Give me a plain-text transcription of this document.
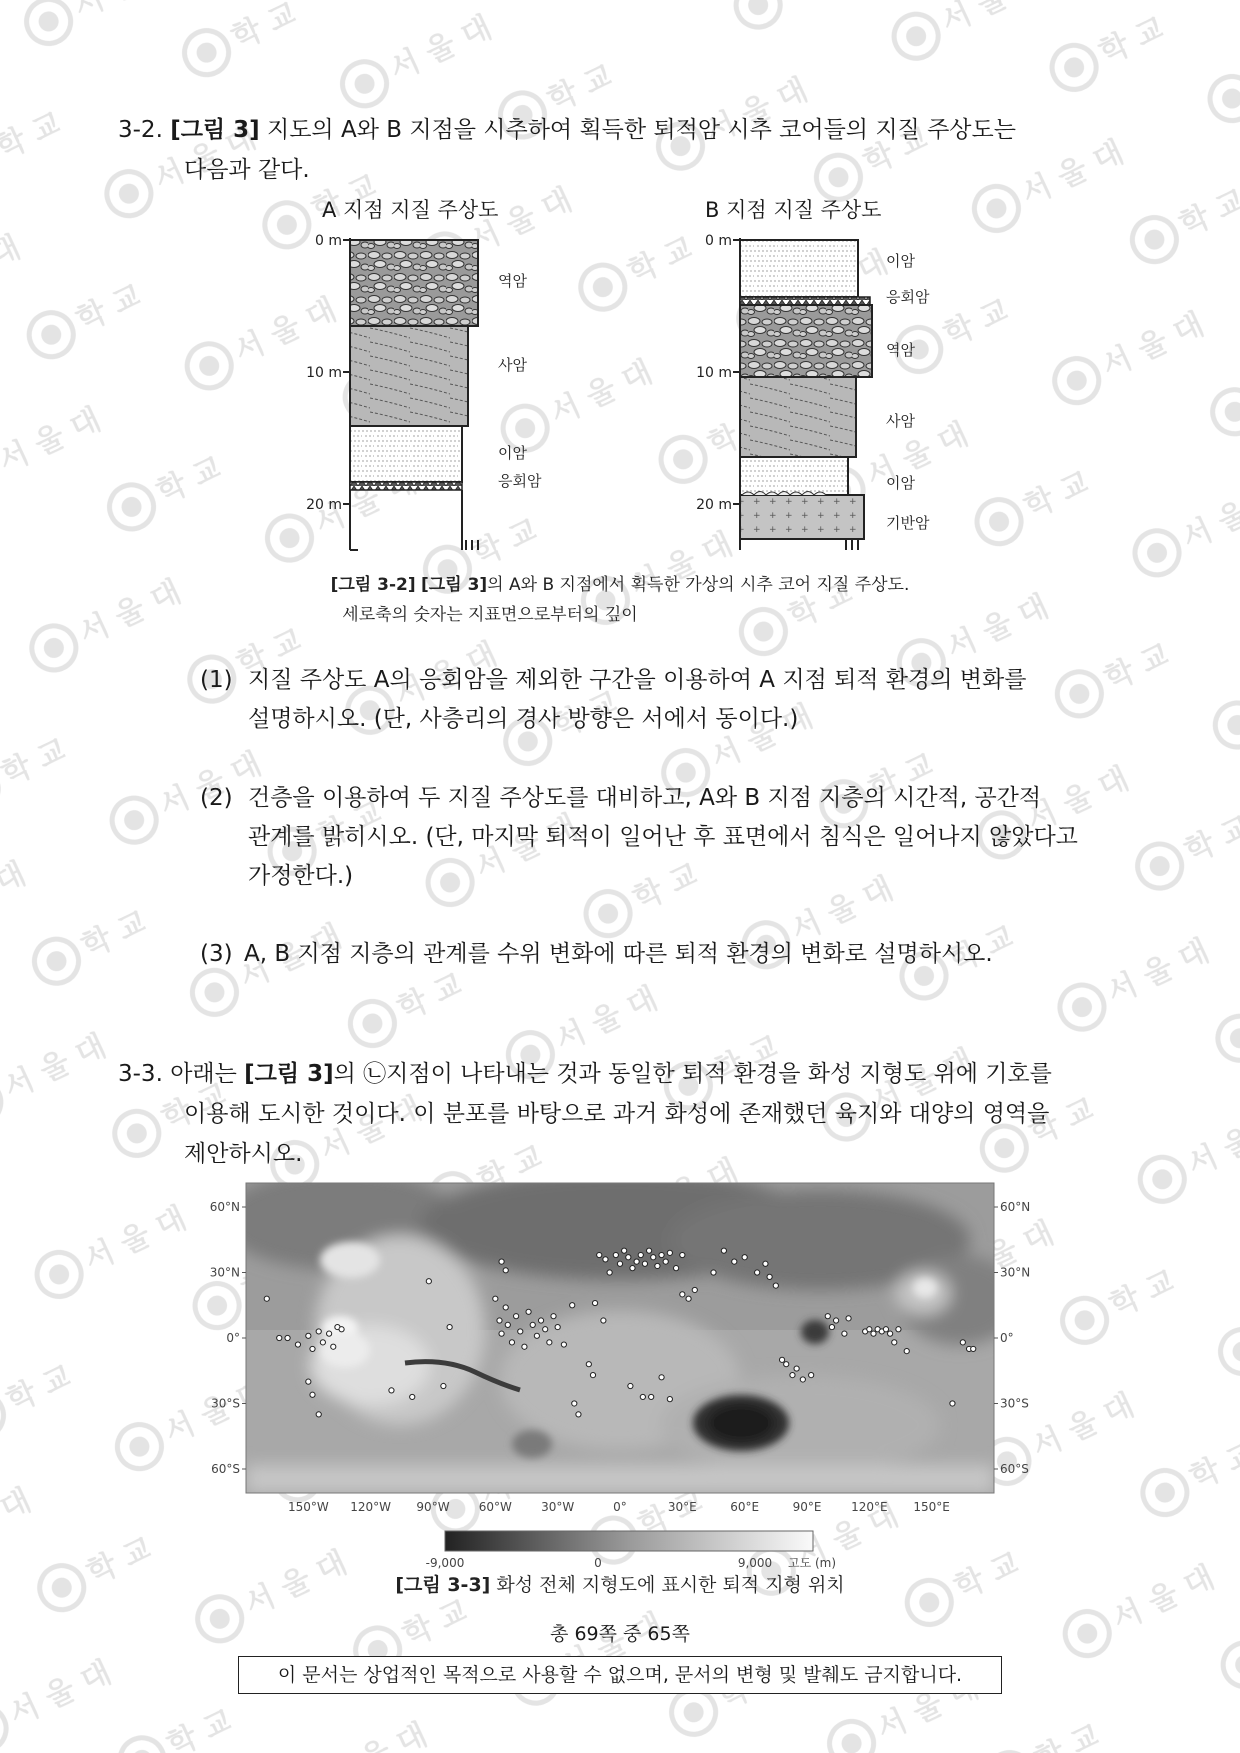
3-2. [그림 3] 지도의 A와 B 지점을 시추하여 획득한 퇴적암 시추 코어들의 지질 주상도는
다음과 같다.
A 지점 지질 주상도
0 m
10 m
20 m
역암
사암
이암
응회암
B 지점 지질 주상도
0 m
10 m
20 m
이암
응회암
역암
사암
이암
기반암
[그림 3-2] [그림 3]의 A와 B 지점에서 획득한 가상의 시추 코어 지질 주상도.
세로축의 숫자는 지표면으로부터의 깊이
(1) 지질 주상도 A의 응회암을 제외한 구간을 이용하여 A 지점 퇴적 환경의 변화를
설명하시오. (단, 사층리의 경사 방향은 서에서 동이다.)
(2) 건층을 이용하여 두 지질 주상도를 대비하고, A와 B 지점 지층의 시간적, 공간적
관계를 밝히시오. (단, 마지막 퇴적이 일어난 후 표면에서 침식은 일어나지 않았다고
가정한다.)
(3) A, B 지점 지층의 관계를 수위 변화에 따른 퇴적 환경의 변화로 설명하시오.
3-3. 아래는 [그림 3]의 ㉡지점이 나타내는 것과 동일한 퇴적 환경을 화성 지형도 위에 기호를
이용해 도시한 것이다. 이 분포를 바탕으로 과거 화성에 존재했던 육지와 대양의 영역을
제안하시오.
60°N	60°N
30°N	30°N
0°	0°
30°S	30°S
60°S	60°S
150°W 120°W 90°W 60°W 30°W	0°	30°E	60°E	90°E 120°E 150°E
-9,000	0	9,000 고도 (m)
[그림 3-3] 화성 전체 지형도에 표시한 퇴적 지형 위치
총 69쪽 중 65쪽
이 문서는 상업적인 목적으로 사용할 수 없으며, 문서의 변형 및 발췌도 금지합니다.
